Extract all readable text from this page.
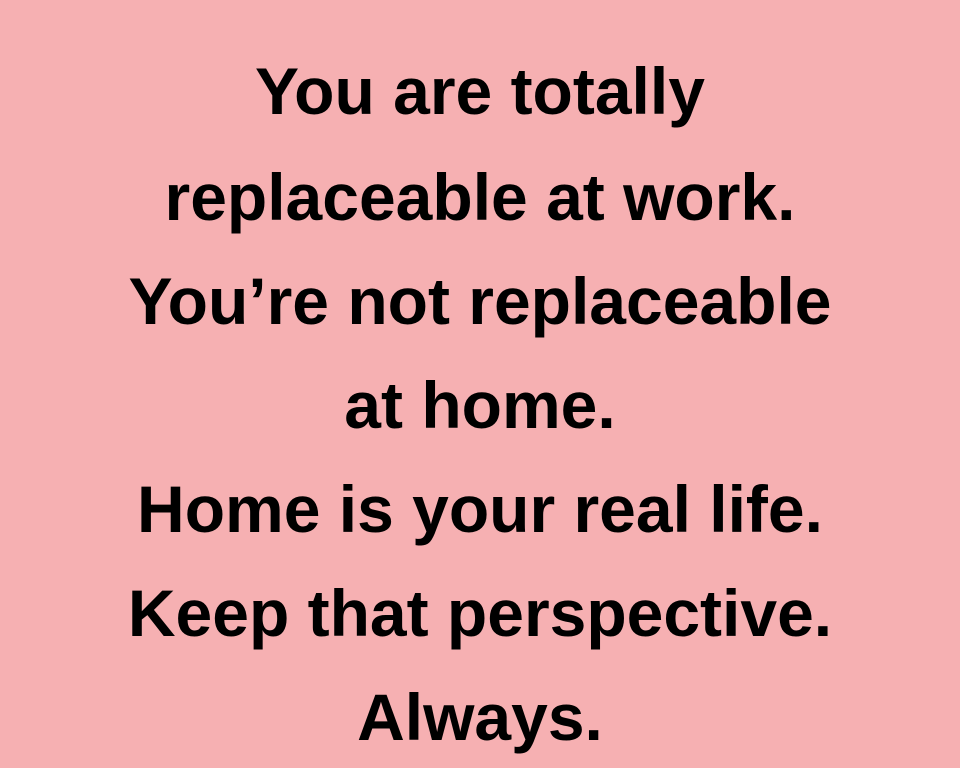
You are totally
replaceable at work.
You’re not replaceable
at home.
Home is your real life.
Keep that perspective.
Always.
